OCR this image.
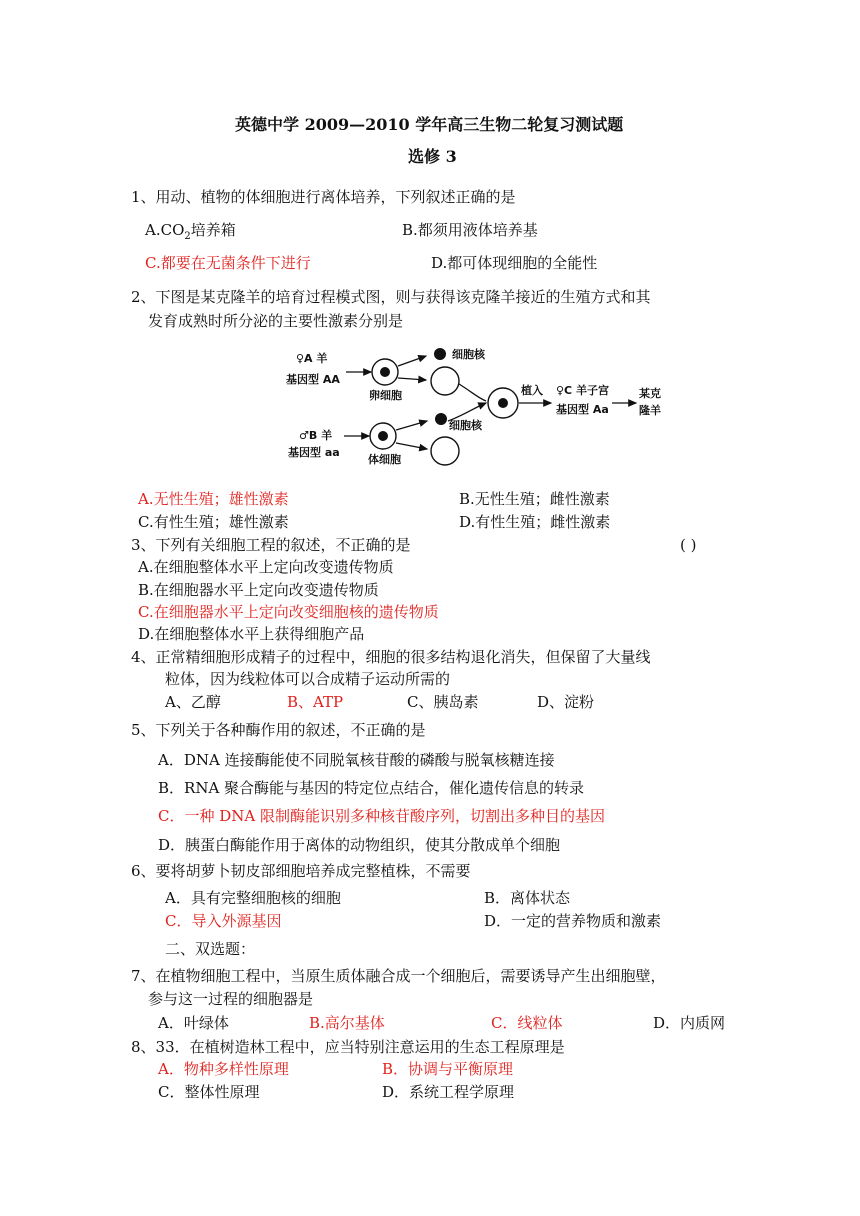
英德中学 2009—2010 学年高三生物二轮复习测试题
选修 3
1、用动、植物的体细胞进行离体培养，下列叙述正确的是
$A.CO_2$培养箱	B.都须用液体培养基
C.都要在无菌条件下进行	D.都可体现细胞的全能性
2、下图是某克隆羊的培育过程模式图，则与获得该克隆羊接近的生殖方式和其
发育成熟时所分泌的主要性激素分别是
♀A 羊
基因型 AA
卵细胞
细胞核
♂B 羊
基因型 aa
体细胞
细胞核
植入 ♀C 羊子宫
基因型 Aa
某克
隆羊
A.无性生殖；雄性激素	B.无性生殖；雌性激素
C.有性生殖；雄性激素	D.有性生殖；雌性激素
3、下列有关细胞工程的叙述，不正确的是	( )
A.在细胞整体水平上定向改变遗传物质
B.在细胞器水平上定向改变遗传物质
C.在细胞器水平上定向改变细胞核的遗传物质
D.在细胞整体水平上获得细胞产品
4、正常精细胞形成精子的过程中，细胞的很多结构退化消失，但保留了大量线
粒体，因为线粒体可以合成精子运动所需的
A、乙醇	B、ATP	C、胰岛素	D、淀粉
5、下列关于各种酶作用的叙述，不正确的是
A．DNA 连接酶能使不同脱氧核苷酸的磷酸与脱氧核糖连接
B．RNA 聚合酶能与基因的特定位点结合，催化遗传信息的转录
C．一种 DNA 限制酶能识别多种核苷酸序列，切割出多种目的基因
D．胰蛋白酶能作用于离体的动物组织，使其分散成单个细胞
6、要将胡萝卜韧皮部细胞培养成完整植株，不需要
A．具有完整细胞核的细胞	B．离体状态
C．导入外源基因	D．一定的营养物质和激素
二、双选题：
7、在植物细胞工程中，当原生质体融合成一个细胞后，需要诱导产生出细胞壁，
参与这一过程的细胞器是
A．叶绿体	B.高尔基体	C．线粒体	D．内质网
8、33．在植树造林工程中，应当特别注意运用的生态工程原理是
A．物种多样性原理	B．协调与平衡原理
C．整体性原理	D．系统工程学原理
